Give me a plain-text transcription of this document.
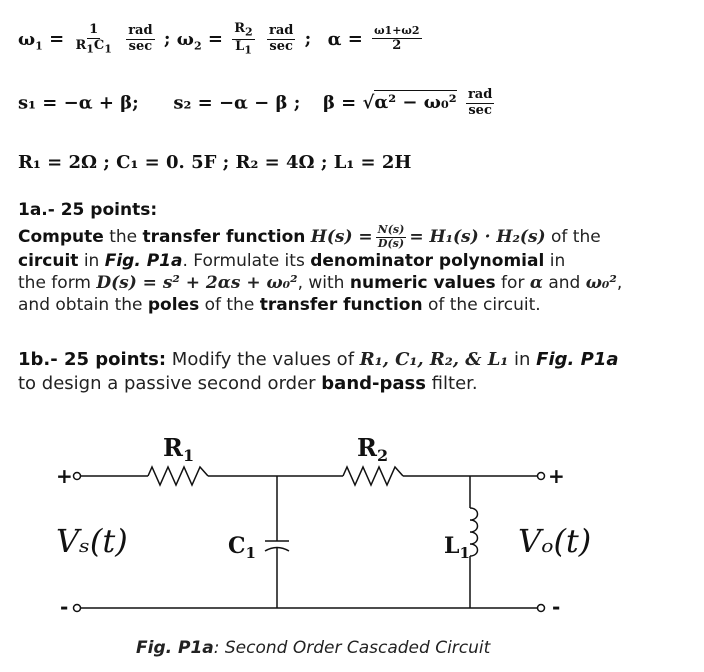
$\omega_1 = \frac{1}{R_1C_1}$
$\frac{\text{rad}}{\sec}$ ; $\omega_2 = \frac{R_2}{L_1}$
$\frac{\text{rad}}{\sec}$ ; $\alpha = \frac{\omega 1+\omega 2}{2}$
s₁ = −α + β; s₂ = −α − β ; $\beta = √\alpha^2 - \omega_0^2 \frac{\text{rad}}{\sec}$
R₁ = 2Ω ; C₁ = 0. 5F ; R₂ = 4Ω ; L₁ = 2H
1a.- 25 points:
Compute the transfer function $H(s) = \frac{N(s)}{D(s)} = H_1(s) \cdot H_2(s)$ of the
circuit in Fig. P1a. Formulate its denominator polynomial in
the form D(s) = s² + 2αs + ω₀², with numeric values for α and ω₀²,
and obtain the poles of the transfer function of the circuit.
1b.- 25 points: Modify the values of R₁, C₁, R₂, & L₁ in Fig. P1a
to design a passive second order band-pass filter.
$R_1$	$R_2$
$C_1$	$L_1$
Vₛ(t)	Vₒ(t)
+
-
+
-
Fig. P1a: Second Order Cascaded Circuit
